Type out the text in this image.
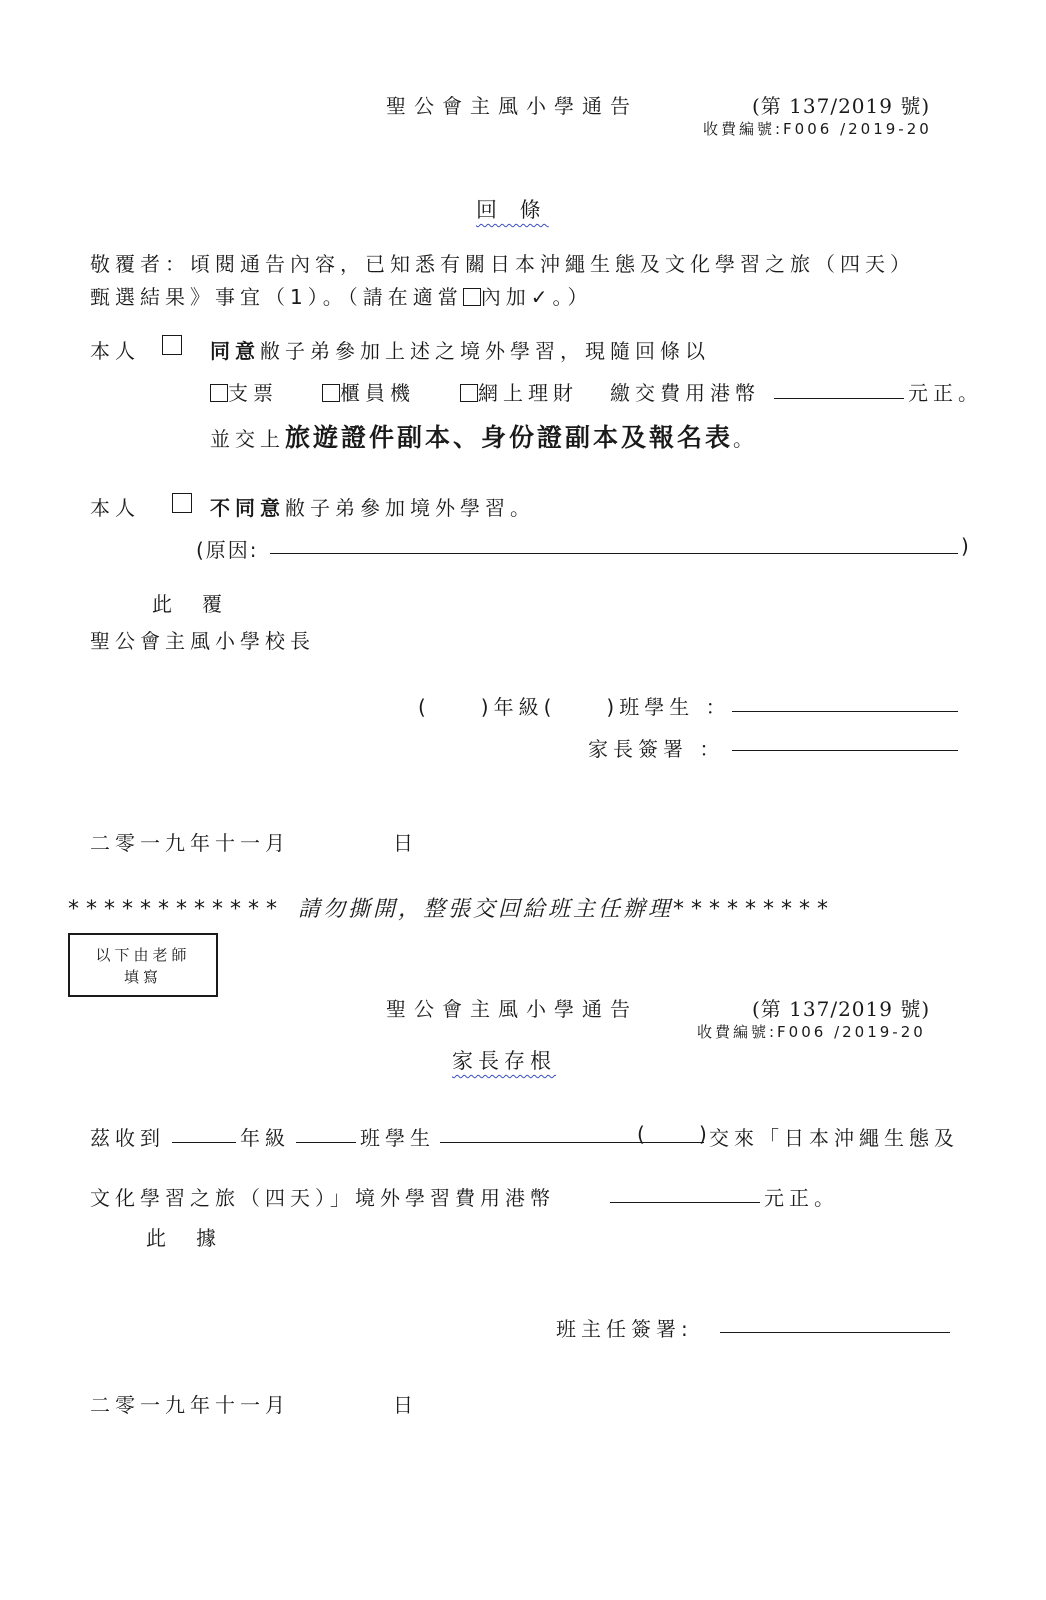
聖公會主風小學通告	(第 137/2019 號)
收費編號:F006 /2019-20
回 條
敬覆者：頃閱通告內容，已知悉有關日本沖繩生態及文化學習之旅（四天）
甄選結果》事宜（1）。（請在適當 內加✓。）
本人	同意敝子弟參加上述之境外學習，現隨回條以
支票	櫃員機	網上理財 繳交費用港幣	元正。
並交上旅遊證件副本、身份證副本及報名表。
本人	不同意敝子弟參加境外學習。
(原因:	)
此　覆
聖公會主風小學校長
(　　)年級(　　)班學生 ：
家長簽署 ：
二零一九年十一月	日
************ 請勿撕開，整張交回給班主任辦理*********
以下由老師
填寫
聖公會主風小學通告	(第 137/2019 號)
收費編號:F006 /2019-20
家長存根
茲收到	年級	班學生	(	) 交來「日本沖繩生態及
文化學習之旅（四天）」境外學習費用港幣	元正。
此　據
班主任簽署:
二零一九年十一月	日
